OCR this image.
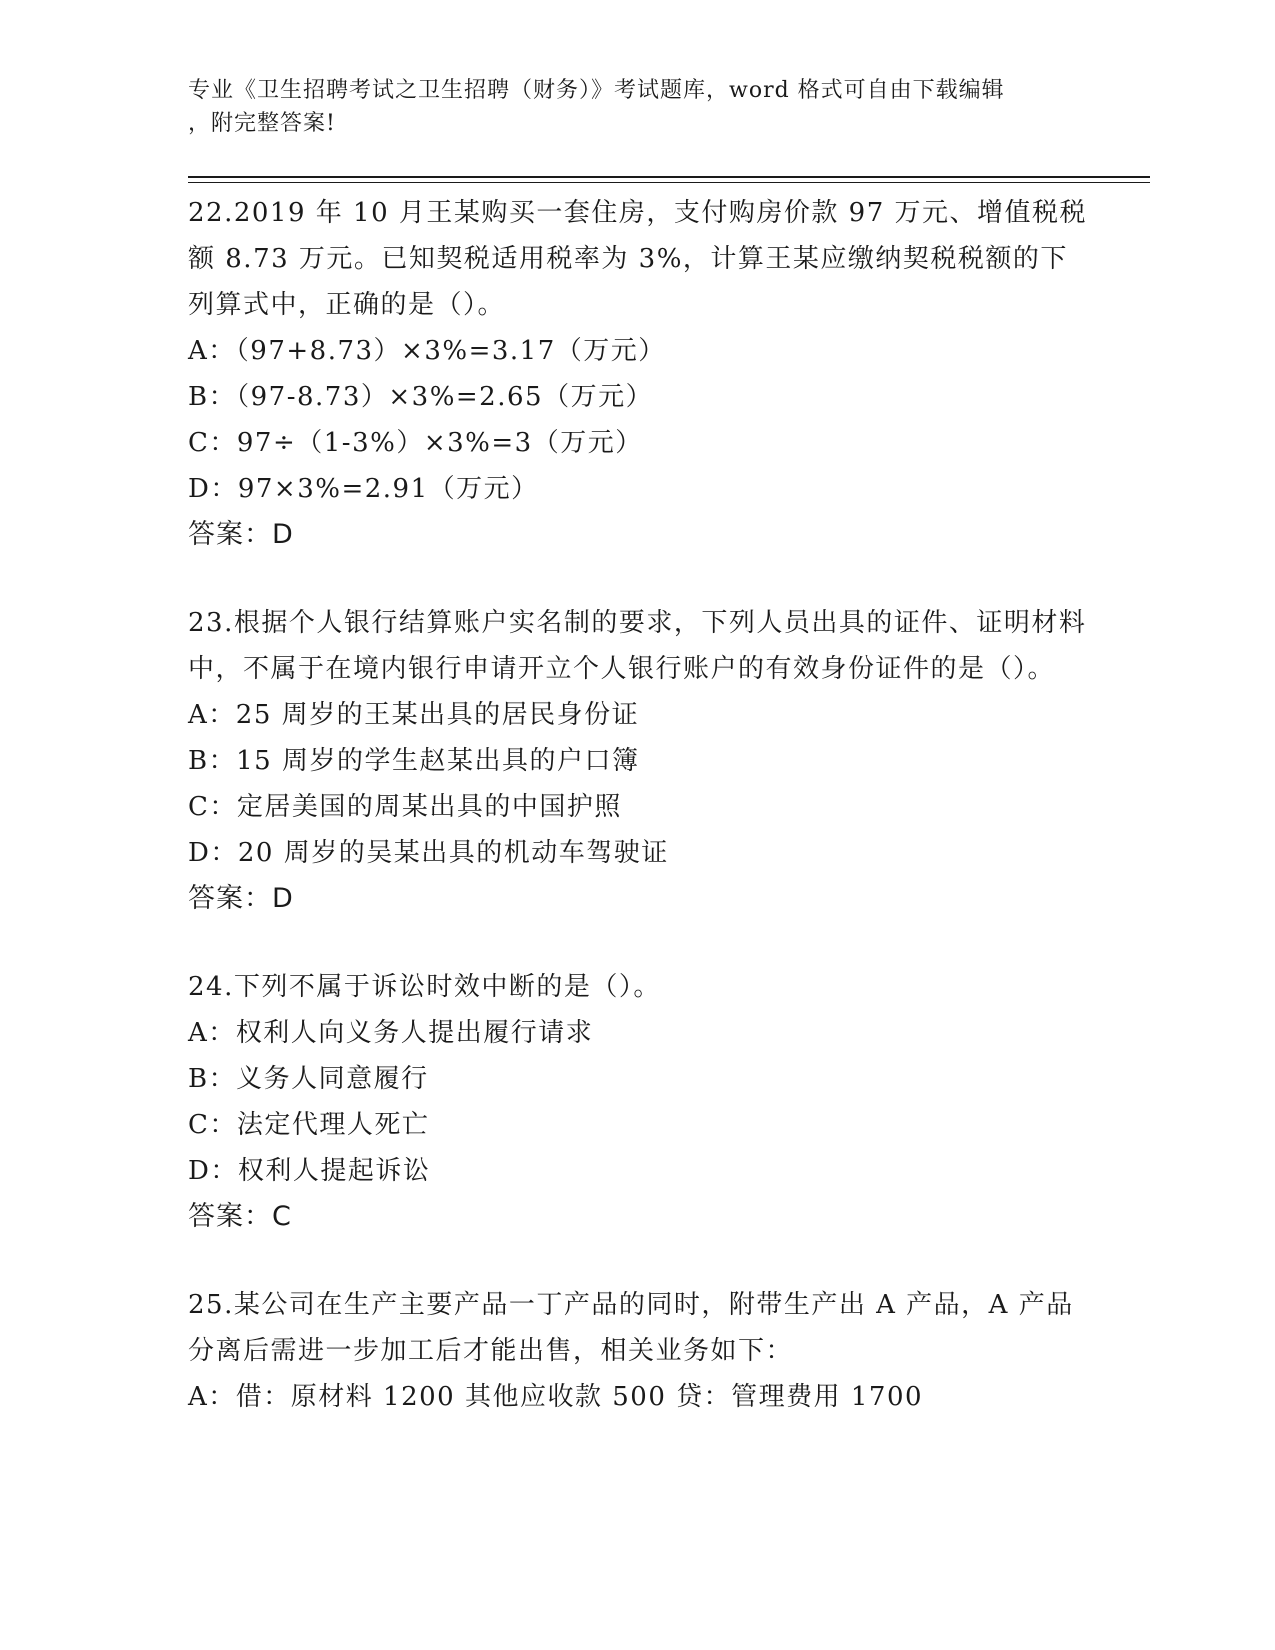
专业《卫生招聘考试之卫生招聘（财务）》考试题库，word 格式可自由下载编辑
，附完整答案!

22.2019 年 10 月王某购买一套住房，支付购房价款 97 万元、增值税税额 8.73 万元。已知契税适用税率为 3%，计算王某应缴纳契税税额的下列算式中，正确的是（）。

A：（97+8.73）×3%=3.17（万元）

B：（97-8.73）×3%=2.65（万元）

C：97÷（1-3%）×3%=3（万元）

D：97×3%=2.91（万元）

答案：D

23.根据个人银行结算账户实名制的要求，下列人员出具的证件、证明材料中，不属于在境内银行申请开立个人银行账户的有效身份证件的是（）。

A：25 周岁的王某出具的居民身份证

B：15 周岁的学生赵某出具的户口簿

C：定居美国的周某出具的中国护照

D：20 周岁的吴某出具的机动车驾驶证

答案：D

24.下列不属于诉讼时效中断的是（）。

A：权利人向义务人提出履行请求

B：义务人同意履行

C：法定代理人死亡

D：权利人提起诉讼

答案：C

25.某公司在生产主要产品一丁产品的同时，附带生产出 A 产品，A 产品分离后需进一步加工后才能出售，相关业务如下：

A：借：原材料 1200 其他应收款 500 贷：管理费用 1700
